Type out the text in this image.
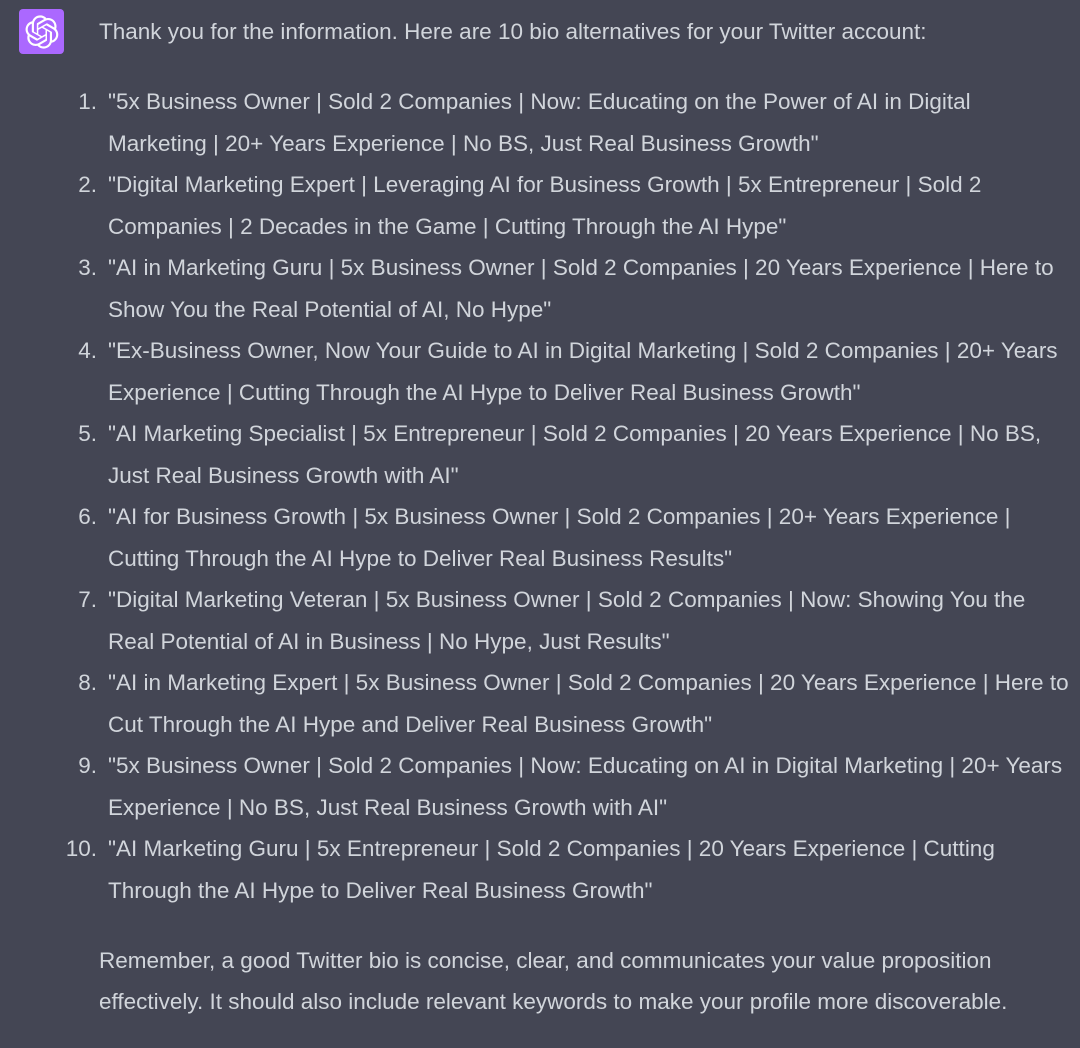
Thank you for the information. Here are 10 bio alternatives for your Twitter account:

1. "5x Business Owner | Sold 2 Companies | Now: Educating on the Power of AI in Digital Marketing | 20+ Years Experience | No BS, Just Real Business Growth"
2. "Digital Marketing Expert | Leveraging AI for Business Growth | 5x Entrepreneur | Sold 2 Companies | 2 Decades in the Game | Cutting Through the AI Hype"
3. "AI in Marketing Guru | 5x Business Owner | Sold 2 Companies | 20 Years Experience | Here to Show You the Real Potential of AI, No Hype"
4. "Ex-Business Owner, Now Your Guide to AI in Digital Marketing | Sold 2 Companies | 20+ Years Experience | Cutting Through the AI Hype to Deliver Real Business Growth"
5. "AI Marketing Specialist | 5x Entrepreneur | Sold 2 Companies | 20 Years Experience | No BS, Just Real Business Growth with AI"
6. "AI for Business Growth | 5x Business Owner | Sold 2 Companies | 20+ Years Experience | Cutting Through the AI Hype to Deliver Real Business Results"
7. "Digital Marketing Veteran | 5x Business Owner | Sold 2 Companies | Now: Showing You the Real Potential of AI in Business | No Hype, Just Results"
8. "AI in Marketing Expert | 5x Business Owner | Sold 2 Companies | 20 Years Experience | Here to Cut Through the AI Hype and Deliver Real Business Growth"
9. "5x Business Owner | Sold 2 Companies | Now: Educating on AI in Digital Marketing | 20+ Years Experience | No BS, Just Real Business Growth with AI"
10. "AI Marketing Guru | 5x Entrepreneur | Sold 2 Companies | 20 Years Experience | Cutting Through the AI Hype to Deliver Real Business Growth"

Remember, a good Twitter bio is concise, clear, and communicates your value proposition effectively. It should also include relevant keywords to make your profile more discoverable.
